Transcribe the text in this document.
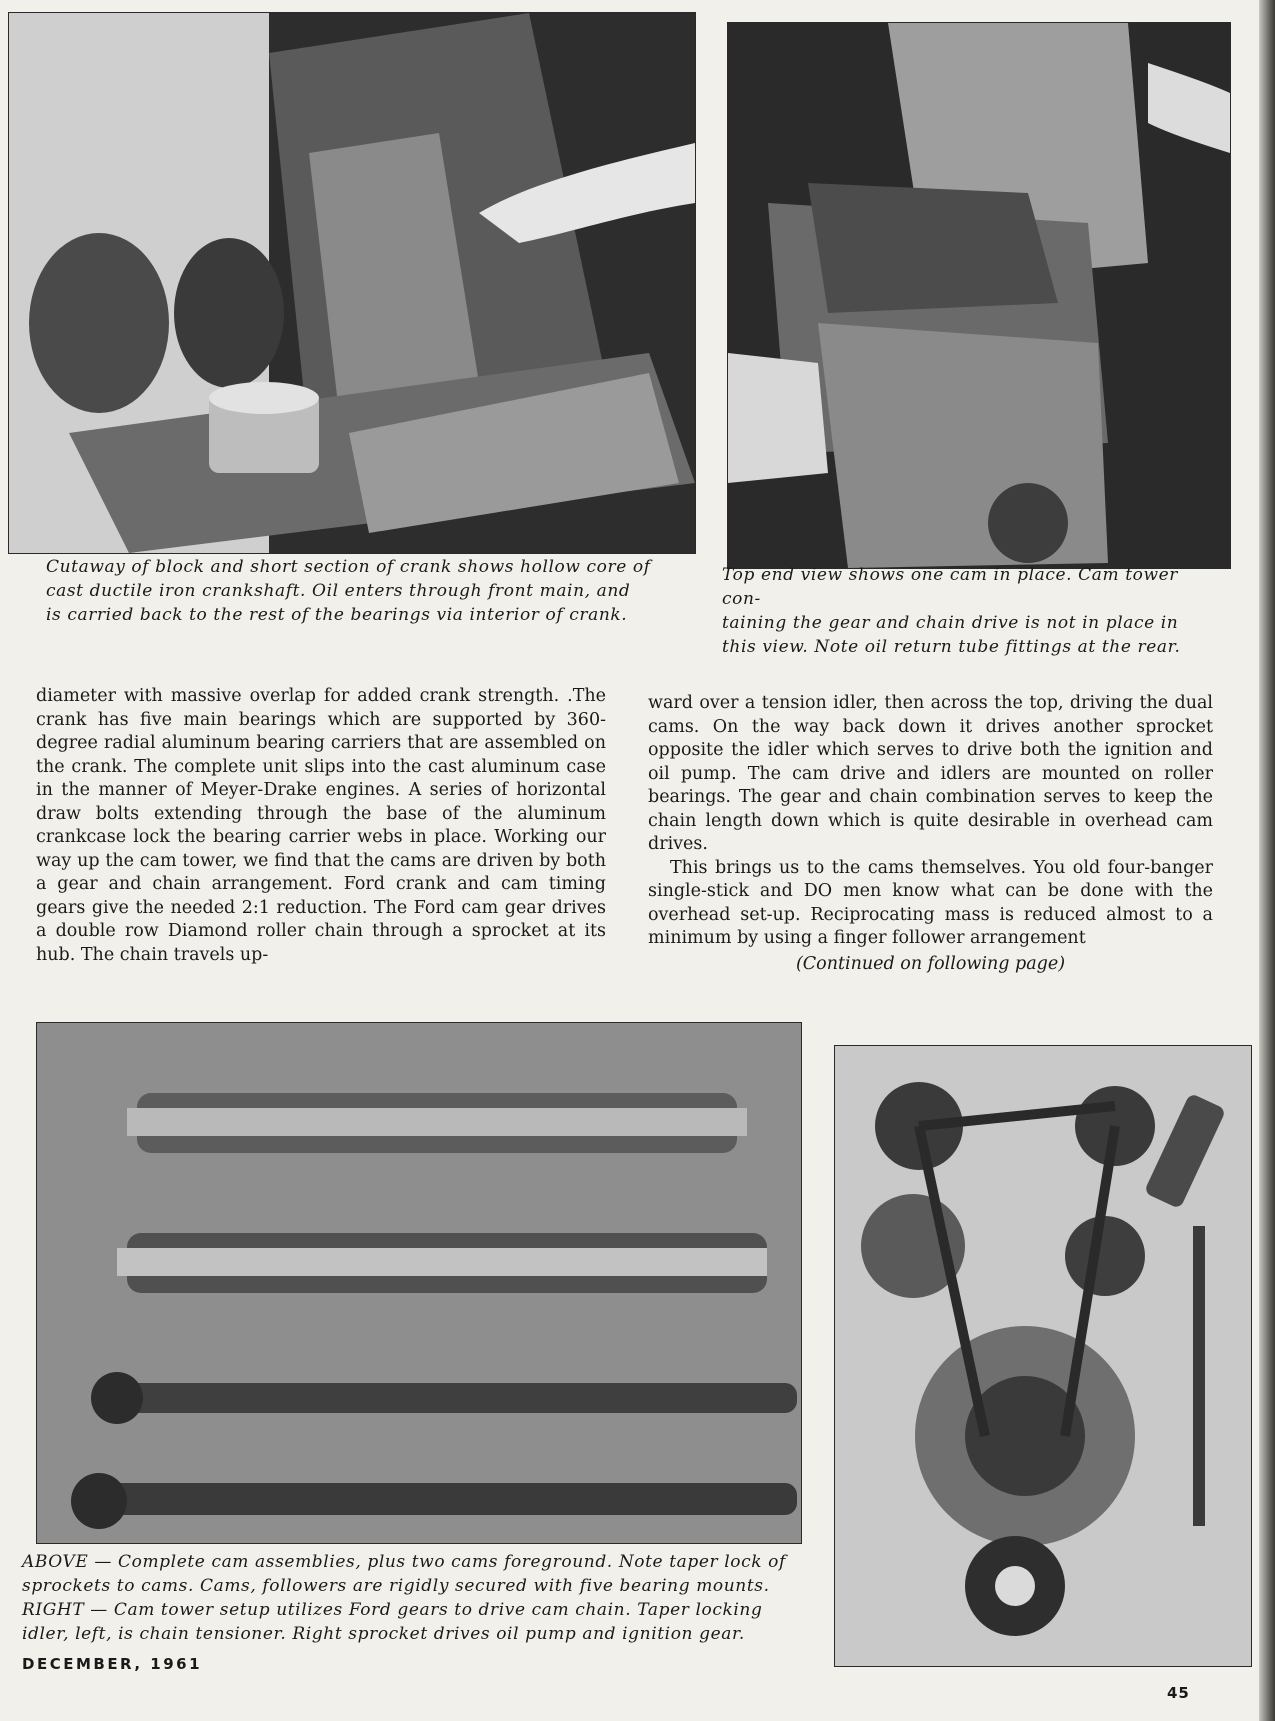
Cutaway of block and short section of crank shows hollow core of

cast ductile iron crankshaft. Oil enters through front main, and

is carried back to the rest of the bearings via interior of crank.

Top end view shows one cam in place. Cam tower con-

taining the gear and chain drive is not in place in

this view. Note oil return tube fittings at the rear.

diameter with massive overlap for added crank strength. .The crank has five main bearings which are supported by 360-degree radial aluminum bearing carriers that are assembled on the crank. The complete unit slips into the cast aluminum case in the manner of Meyer-Drake engines. A series of horizontal draw bolts extending through the base of the aluminum crankcase lock the bearing carrier webs in place. Working our way up the cam tower, we find that the cams are driven by both a gear and chain arrangement. Ford crank and cam timing gears give the needed 2:1 reduction. The Ford cam gear drives a double row Diamond roller chain through a sprocket at its hub. The chain travels up-

ward over a tension idler, then across the top, driving the dual cams. On the way back down it drives another sprocket opposite the idler which serves to drive both the ignition and oil pump. The cam drive and idlers are mounted on roller bearings. The gear and chain combination serves to keep the chain length down which is quite desirable in overhead cam drives.

This brings us to the cams themselves. You old four-banger single-stick and DO men know what can be done with the overhead set-up. Reciprocating mass is reduced almost to a minimum by using a finger follower arrangement

(Continued on following page)

ABOVE — Complete cam assemblies, plus two cams foreground. Note taper lock of

sprockets to cams. Cams, followers are rigidly secured with five bearing mounts.

RIGHT — Cam tower setup utilizes Ford gears to drive cam chain. Taper locking

idler, left, is chain tensioner. Right sprocket drives oil pump and ignition gear.

DECEMBER, 1961
45
